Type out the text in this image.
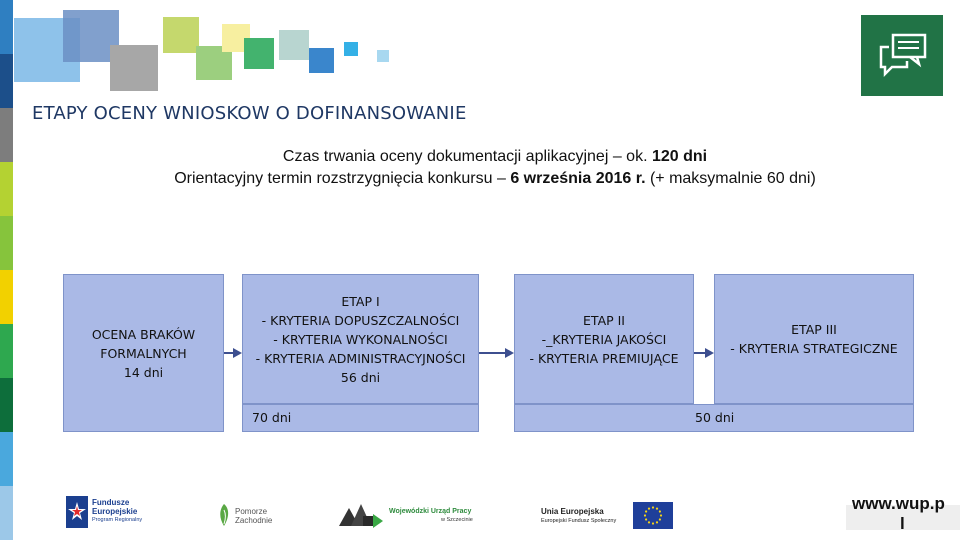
ETAPY OCENY WNIOSKOW O DOFINANSOWANIE
Czas trwania oceny dokumentacji aplikacyjnej – ok. 120 dni
Orientacyjny termin rozstrzygnięcia konkursu – 6 września 2016 r. (+ maksymalnie 60 dni)
OCENA BRAKÓW
FORMALNYCH
14 dni
ETAP I
- KRYTERIA DOPUSZCZALNOŚCI
- KRYTERIA WYKONALNOŚCI
- KRYTERIA ADMINISTRACYJNOŚCI
56 dni
70 dni
ETAP II
-_KRYTERIA JAKOŚCI
- KRYTERIA PREMIUJĄCE
ETAP III
- KRYTERIA STRATEGICZNE
50 dni
Fundusze
Europejskie
Program Regionalny
Pomorze
Zachodnie
Wojewódzki Urząd Pracy
w Szczecinie
Unia Europejska
Europejski Fundusz Społeczny
www.wup.p
l
